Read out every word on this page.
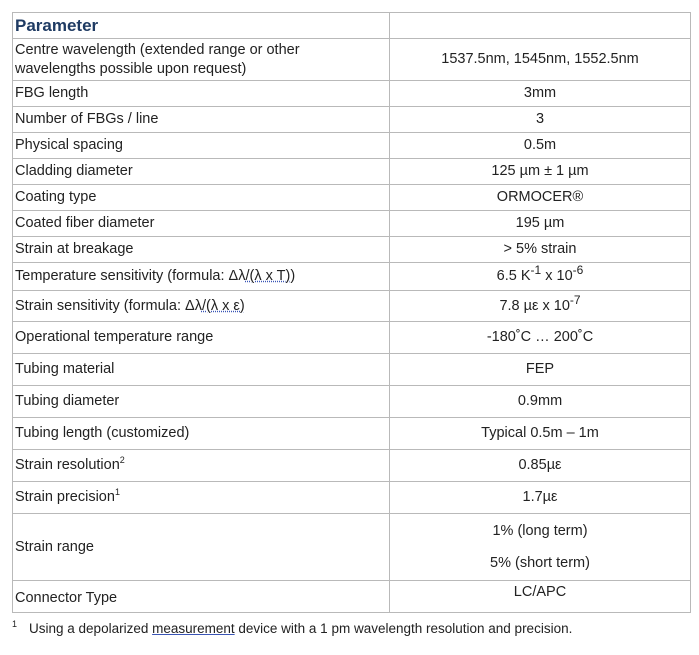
Parameter	
Centre wavelength (extended range or other
wavelengths possible upon request)	1537.5nm, 1545nm, 1552.5nm
FBG length	3mm
Number of FBGs / line	3
Physical spacing	0.5m
Cladding diameter	125 µm ± 1 µm
Coating type	ORMOCER®
Coated fiber diameter	195 µm
Strain at breakage	> 5% strain
Temperature sensitivity (formula: Δλ/(λ x T))	6.5 $K^{-1}$ x $10^{-6}$
Strain sensitivity (formula: Δλ/(λ x ε)	7.8 µε x $10^{-7}$
Operational temperature range	-180˚C … 200˚C
Tubing material	FEP
Tubing diameter	0.9mm
Tubing length (customized)	Typical 0.5m – 1m
Strain resolution$^2$	0.85µε
Strain precision$^1$	1.7µε
Strain range	1% (long term)
5% (short term)

Connector Type	LC/APC
$^1$ Using a depolarized measurement device with a 1 pm wavelength resolution and precision.
